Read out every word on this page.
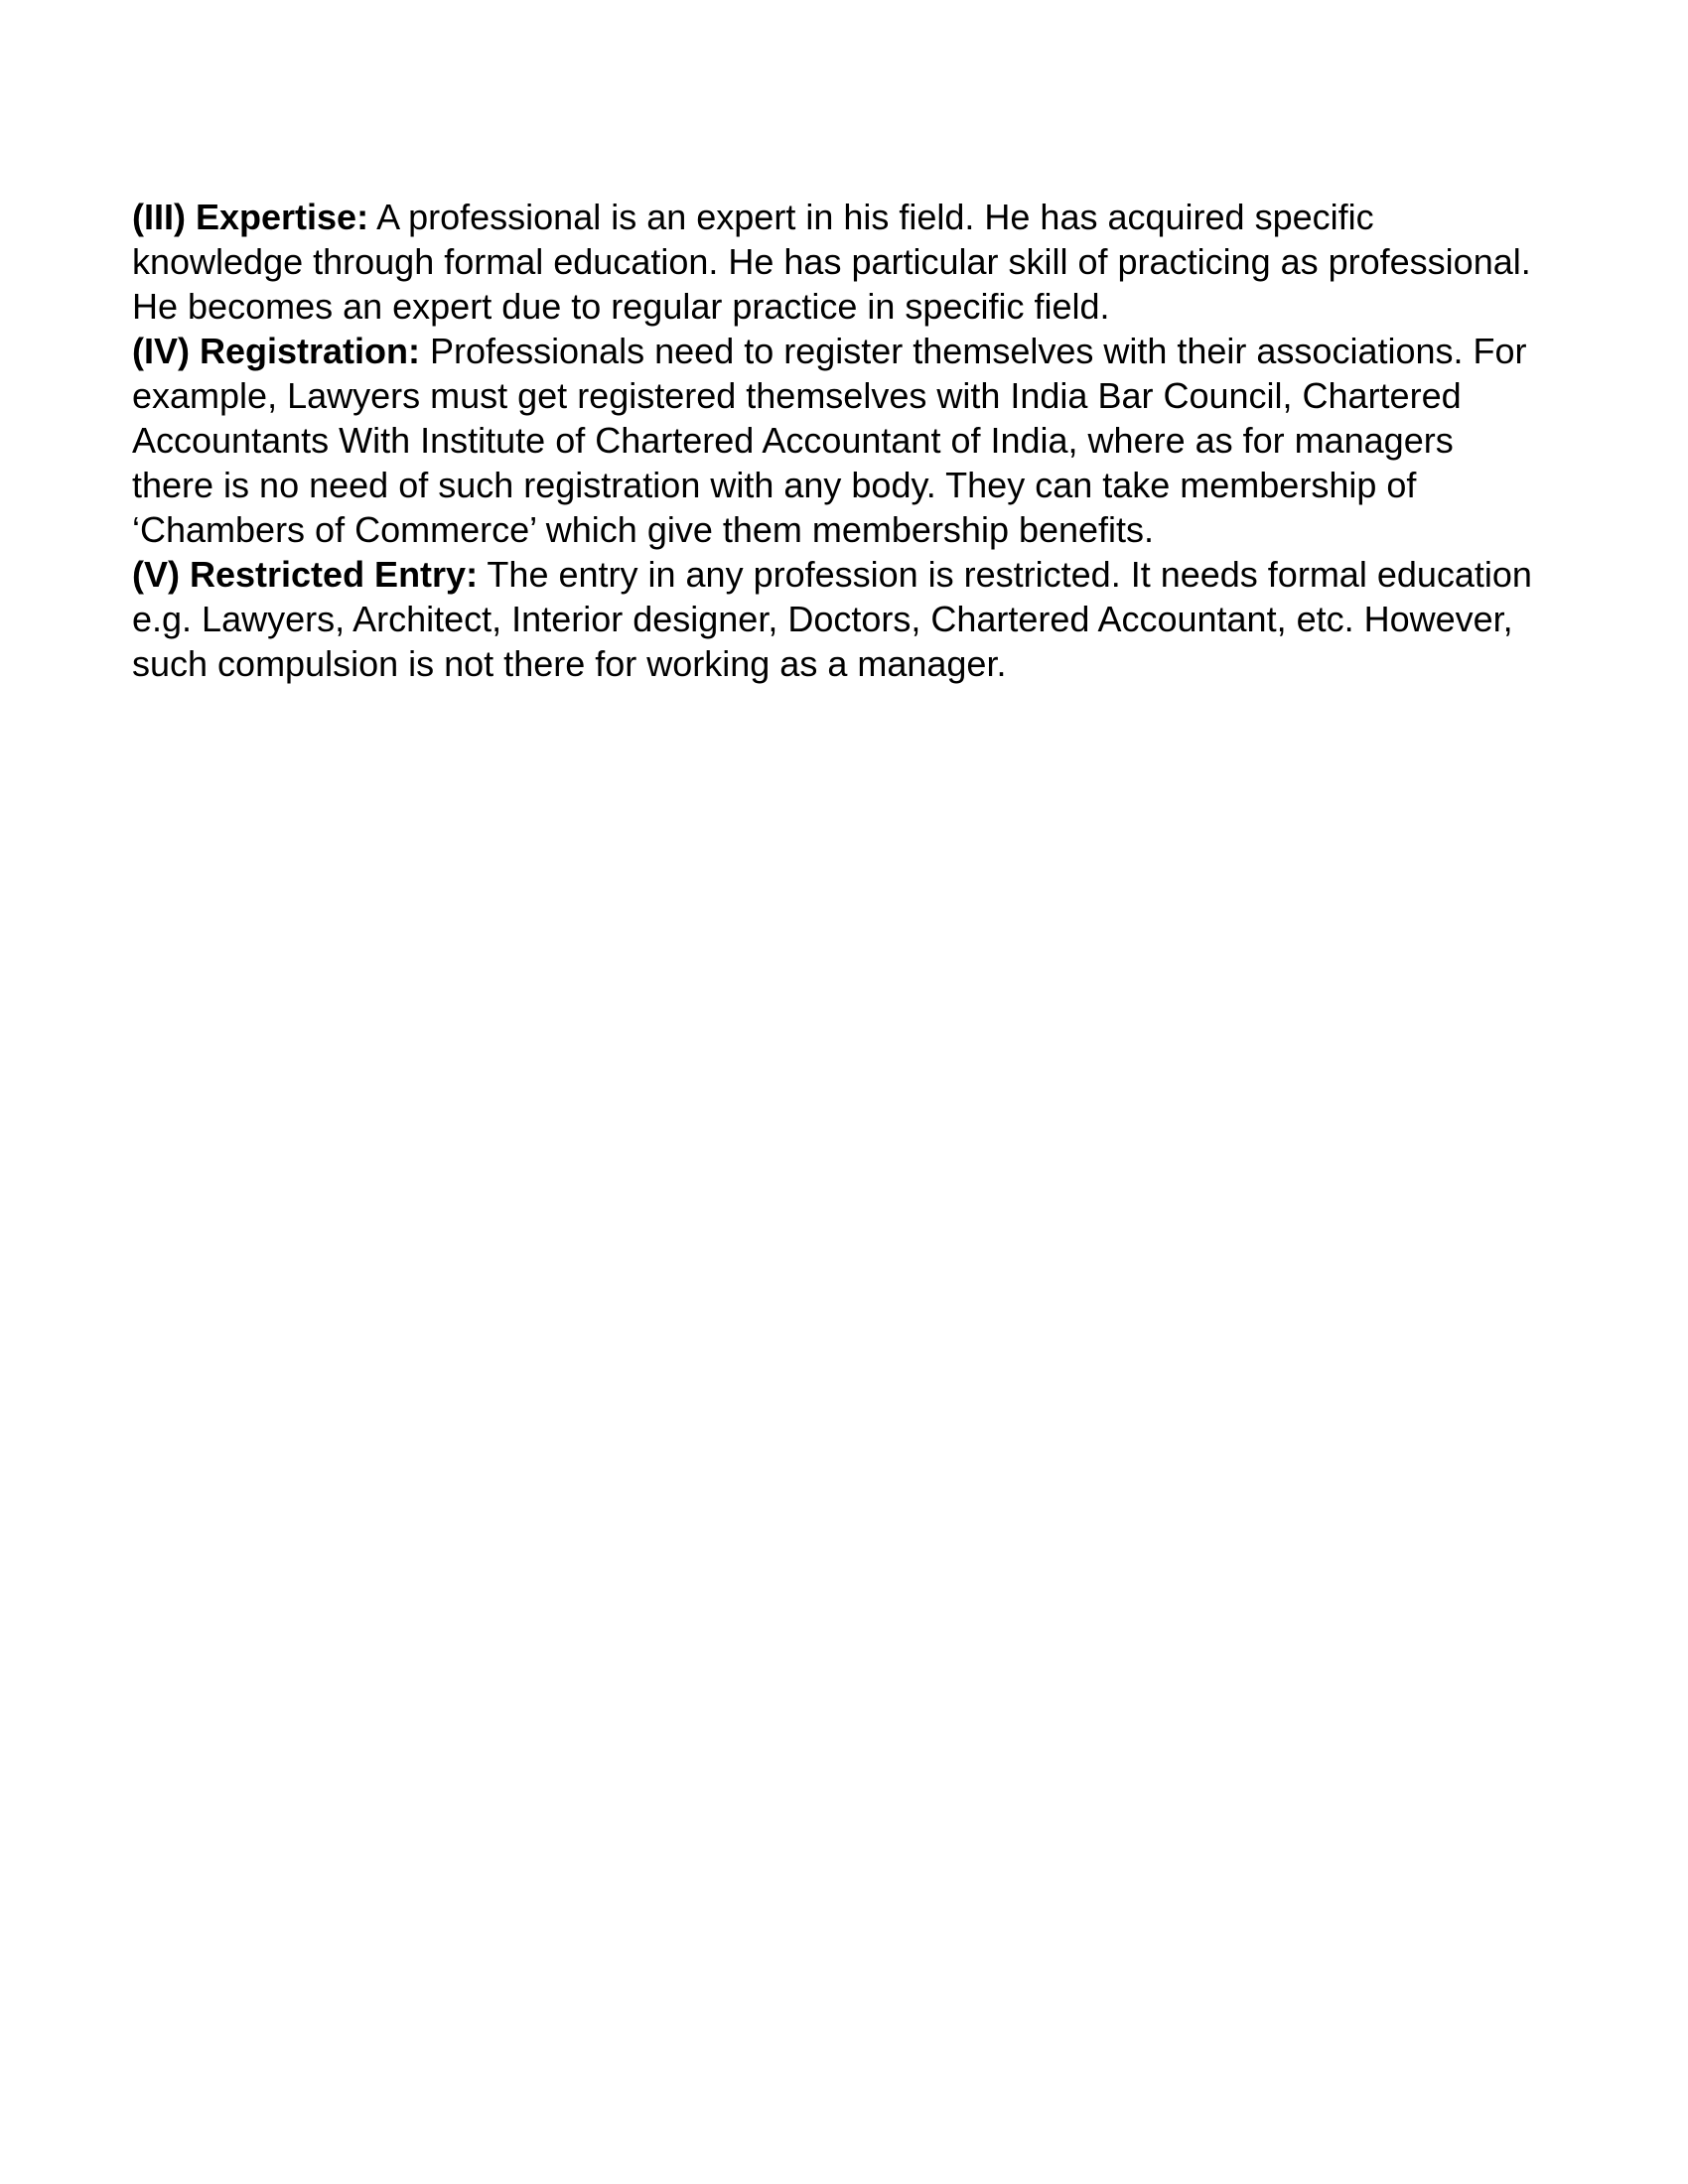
(III) Expertise: A professional is an expert in his field. He has acquired specific
knowledge through formal education. He has particular skill of practicing as professional.
He becomes an expert due to regular practice in specific field.
(IV) Registration: Professionals need to register themselves with their associations. For
example, Lawyers must get registered themselves with India Bar Council, Chartered
Accountants With Institute of Chartered Accountant of India, where as for managers
there is no need of such registration with any body. They can take membership of
‘Chambers of Commerce’ which give them membership benefits.
(V) Restricted Entry: The entry in any profession is restricted. It needs formal education
e.g. Lawyers, Architect, Interior designer, Doctors, Chartered Accountant, etc. However,
such compulsion is not there for working as a manager.
